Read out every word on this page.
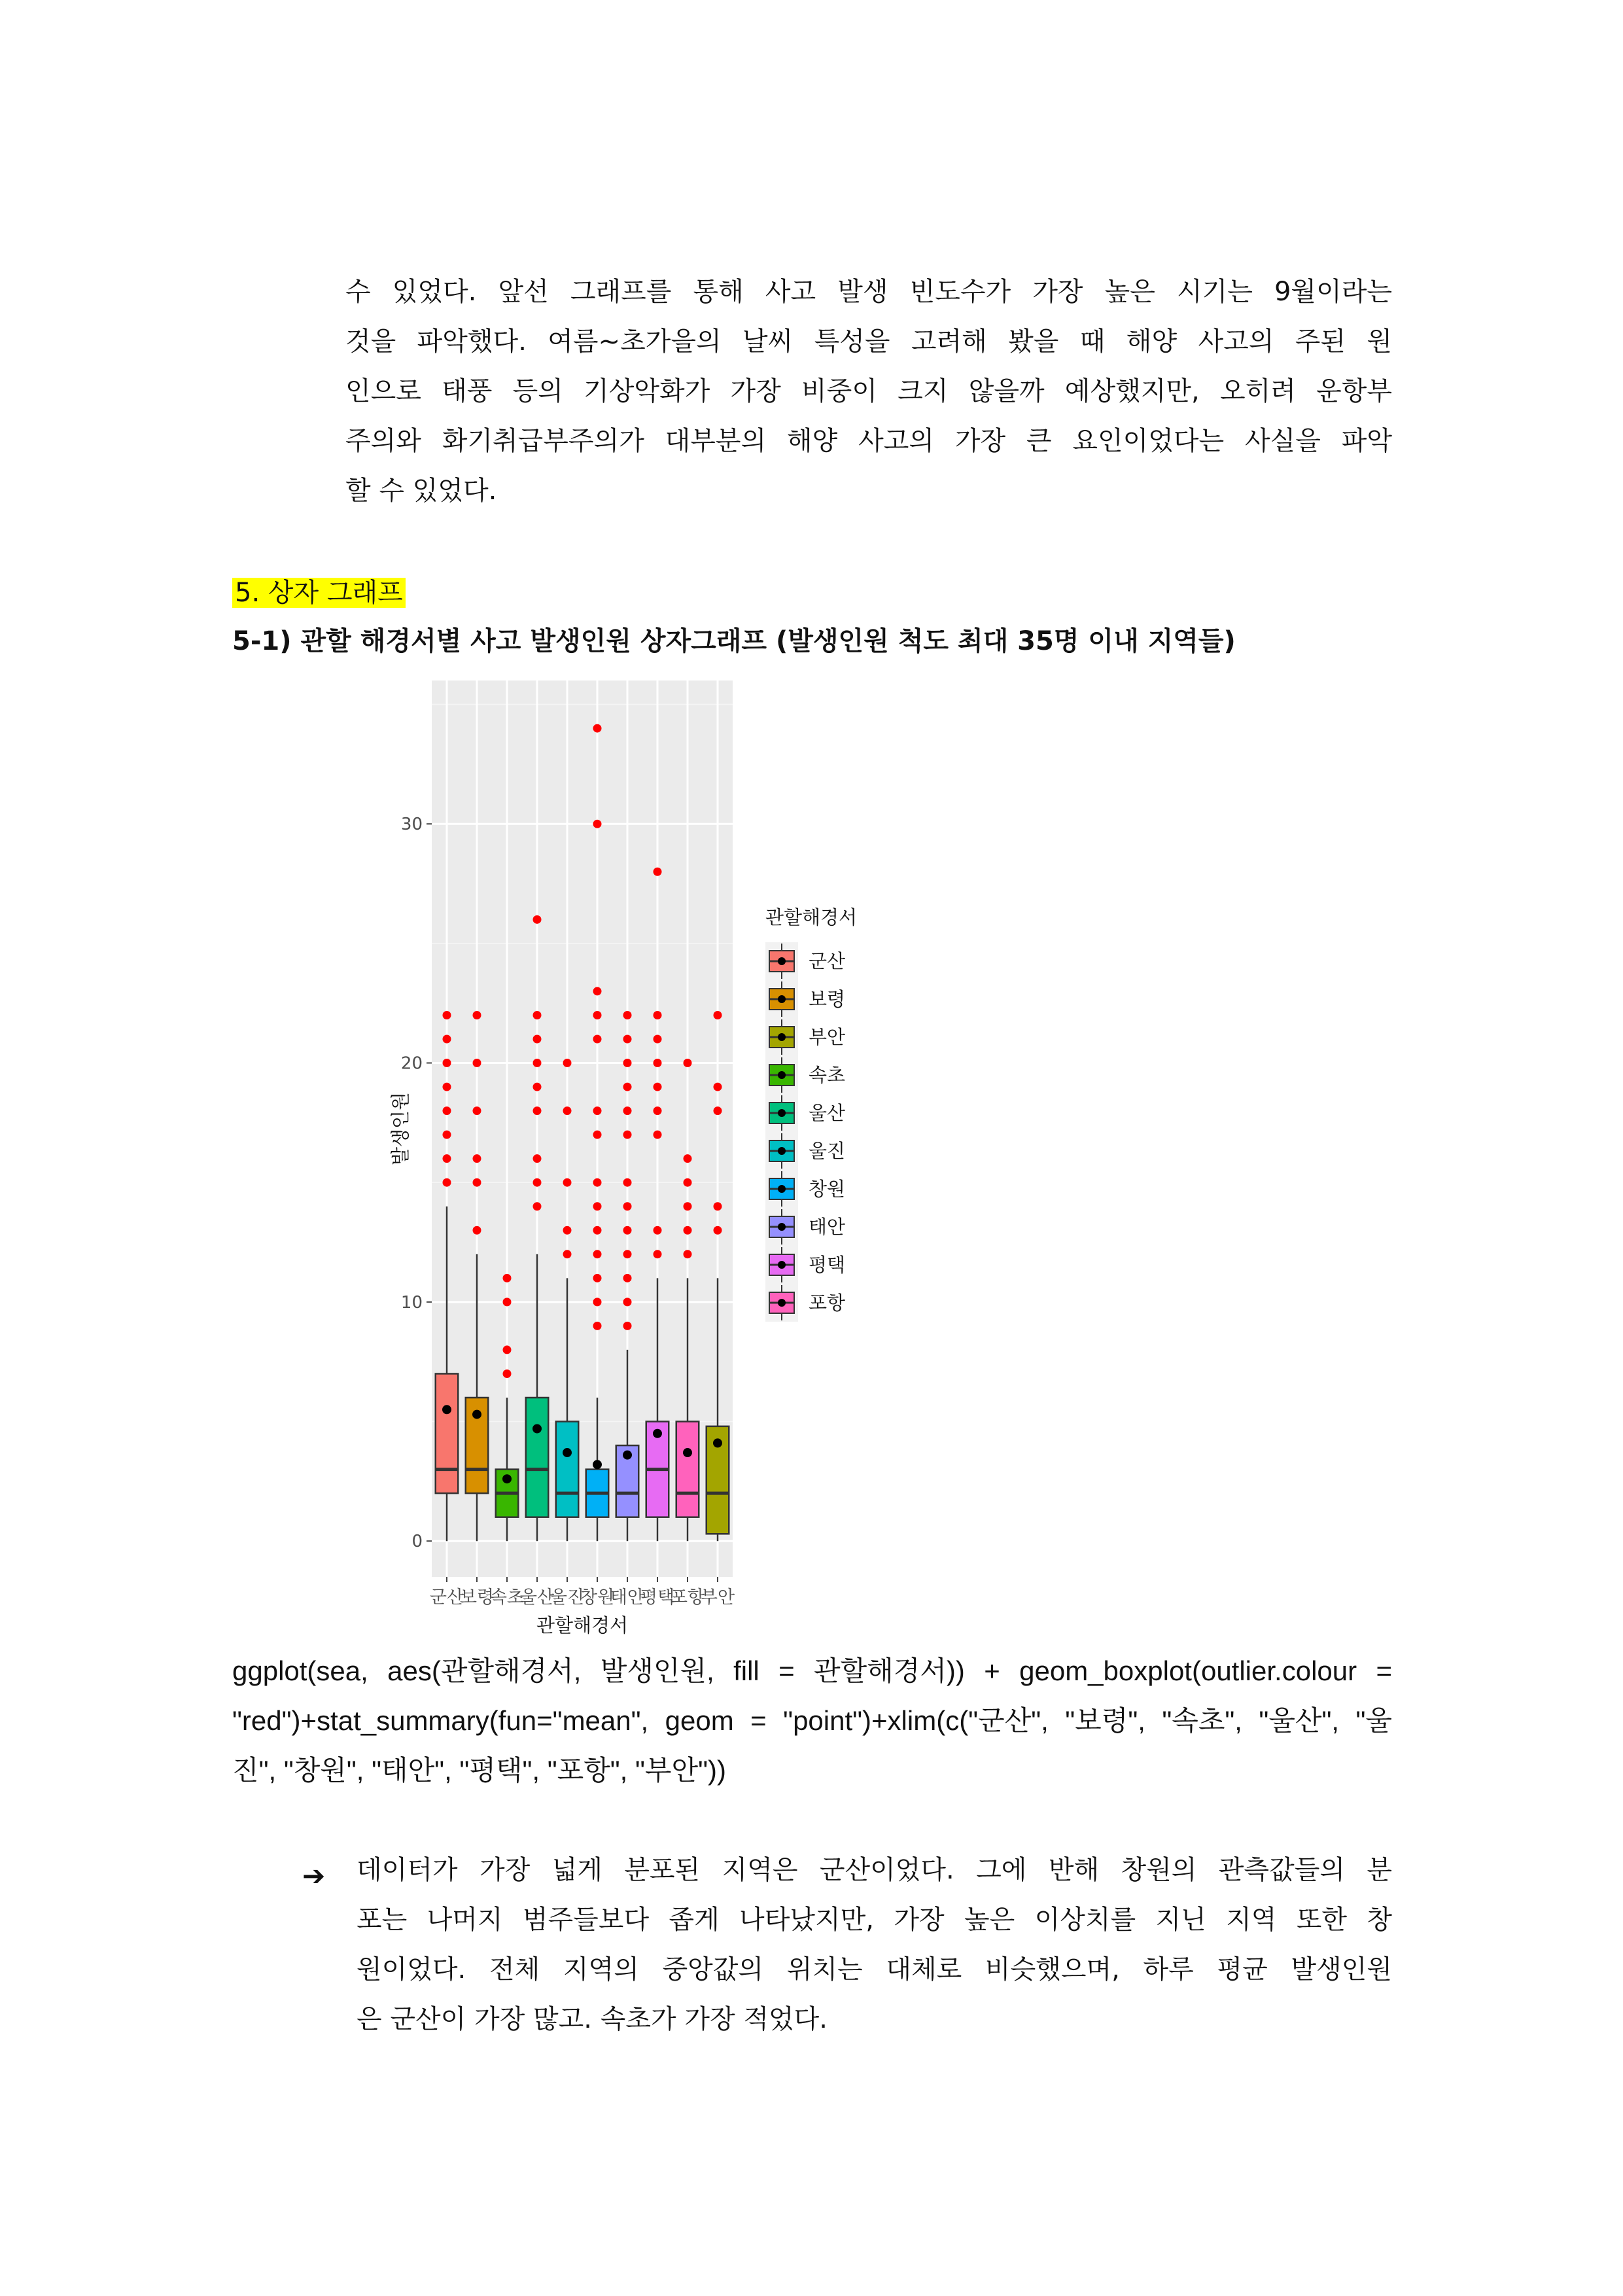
수 있었다. 앞선 그래프를 통해 사고 발생 빈도수가 가장 높은 시기는 9월이라는
것을 파악했다. 여름~초가을의 날씨 특성을 고려해 봤을 때 해양 사고의 주된 원
인으로 태풍 등의 기상악화가 가장 비중이 크지 않을까 예상했지만, 오히려 운항부
주의와 화기취급부주의가 대부분의 해양 사고의 가장 큰 요인이었다는 사실을 파악
할 수 있었다.
5. 상자 그래프
5-1) 관할 해경서별 사고 발생인원 상자그래프 (발생인원 척도 최대 35명 이내 지역들)
0
10
20
30
군산
보령
속초
울산
울진
창원
태안
평택
포항
부안
관할해경서
발생인원
관할해경서
군산
보령
부안
속초
울산
울진
창원
태안
평택
포항
ggplot(sea, aes(관할해경서, 발생인원, fill = 관할해경서)) + geom_boxplot(outlier.colour =
"red")+stat_summary(fun="mean", geom = "point")+xlim(c("군산", "보령", "속초", "울산", "울
진", "창원", "태안", "평택", "포항", "부안"))
➔ 데이터가 가장 넓게 분포된 지역은 군산이었다. 그에 반해 창원의 관측값들의 분
포는 나머지 범주들보다 좁게 나타났지만, 가장 높은 이상치를 지닌 지역 또한 창
원이었다. 전체 지역의 중앙값의 위치는 대체로 비슷했으며, 하루 평균 발생인원
은 군산이 가장 많고. 속초가 가장 적었다.
